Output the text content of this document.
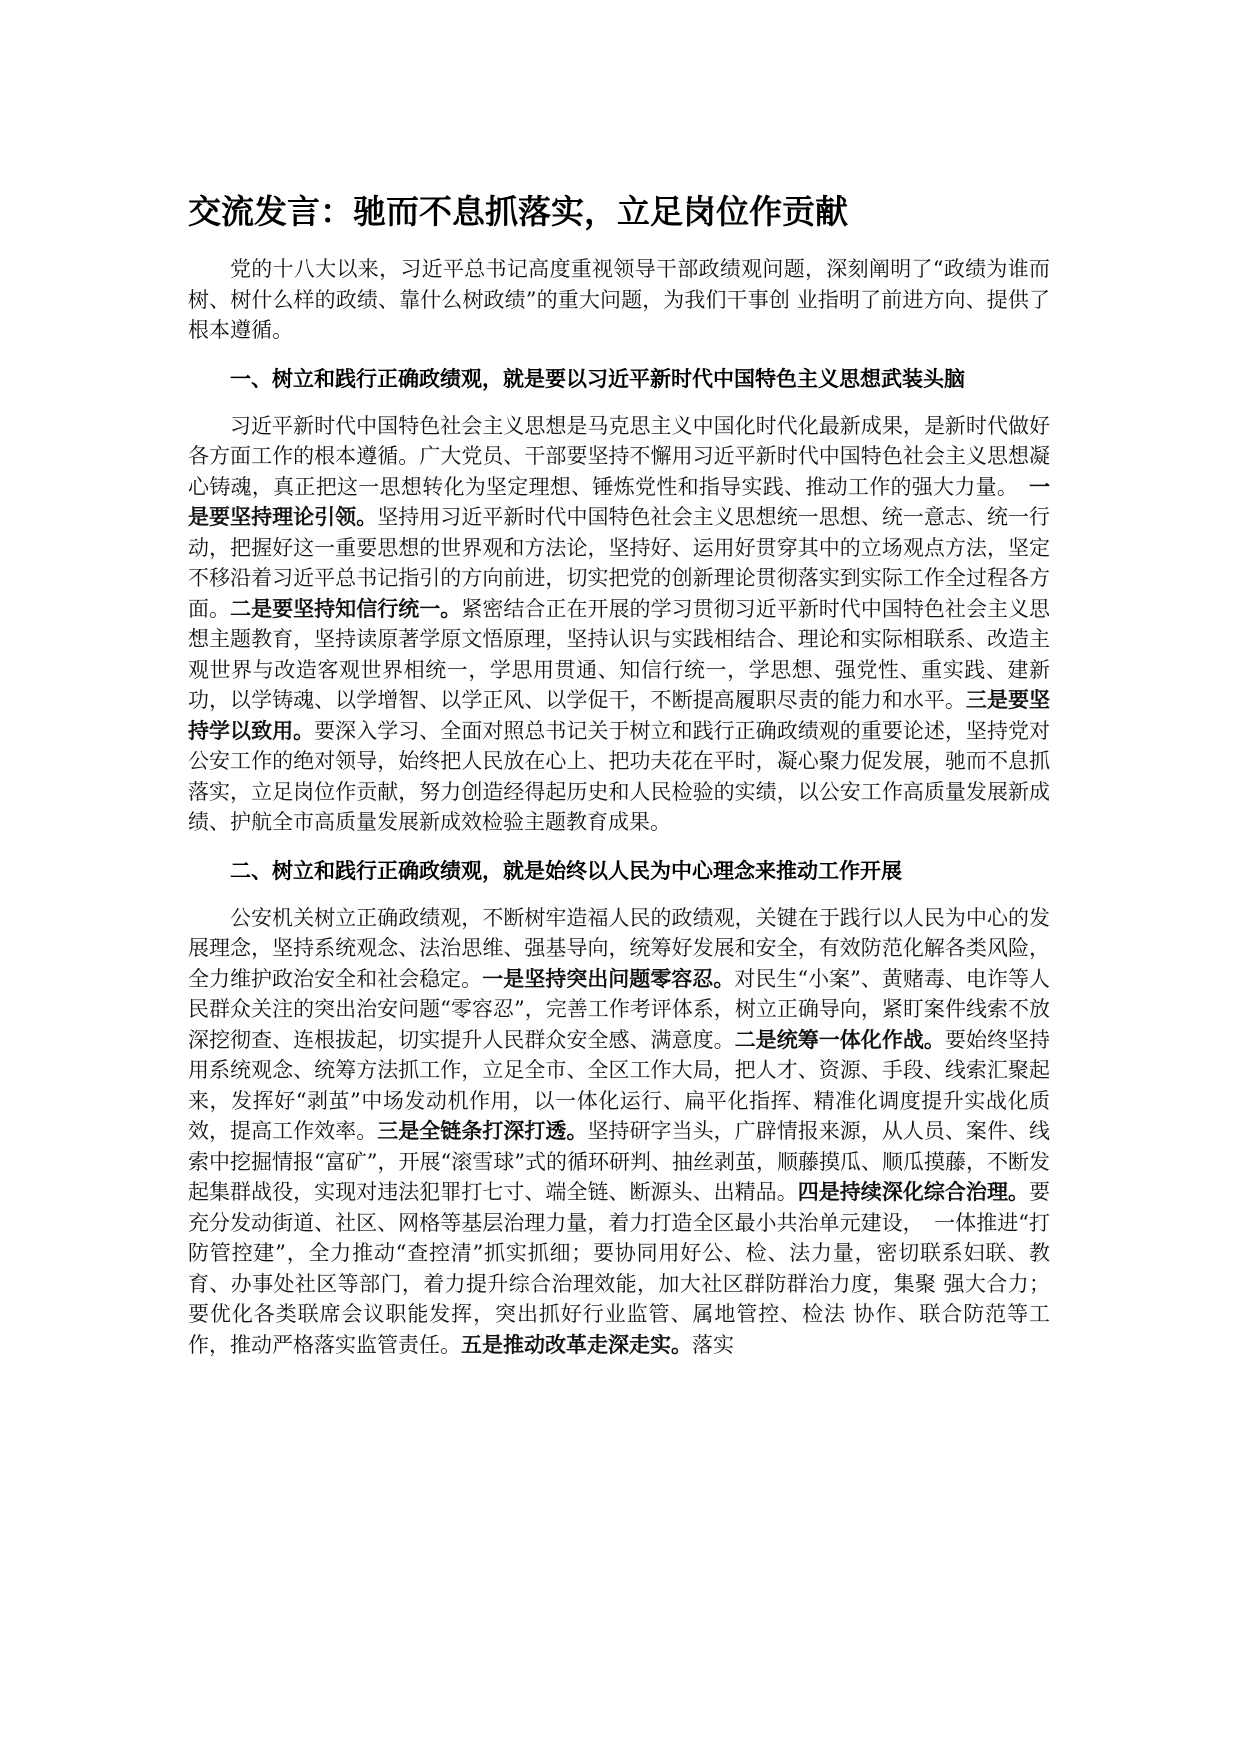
交流发言：驰而不息抓落实，立足岗位作贡献

党的十八大以来，习近平总书记高度重视领导干部政绩观问题，深刻阐明了“政绩为谁而树、树什么样的政绩、靠什么树政绩”的重大问题，为我们干事创 业指明了前进方向、提供了根本遵循。

一、树立和践行正确政绩观，就是要以习近平新时代中国特色主义思想武装头脑

习近平新时代中国特色社会主义思想是马克思主义中国化时代化最新成果，是新时代做好各方面工作的根本遵循。广大党员、干部要坚持不懈用习近平新时代中国特色社会主义思想凝心铸魂，真正把这一思想转化为坚定理想、锤炼党性和指导实践、推动工作的强大力量。　 一是要坚持理论引领。坚持用习近平新时代中国特色社会主义思想统一思想、统一意志、统一行动，把握好这一重要思想的世界观和方法论，坚持好、运用好贯穿其中的立场观点方法，坚定不移沿着习近平总书记指引的方向前进，切实把党的创新理论贯彻落实到实际工作全过程各方面。二是要坚持知信行统一。紧密结合正在开展的学习贯彻习近平新时代中国特色社会主义思想主题教育，坚持读原著学原文悟原理，坚持认识与实践相结合、理论和实际相联系、改造主观世界与改造客观世界相统一，学思用贯通、知信行统一，学思想、强党性、重实践、建新功，以学铸魂、以学增智、以学正风、以学促干，不断提高履职尽责的能力和水平。三是要坚持学以致用。要深入学习、全面对照总书记关于树立和践行正确政绩观的重要论述，坚持党对公安工作的绝对领导，始终把人民放在心上、把功夫花在平时，凝心聚力促发展，驰而不息抓落实，立足岗位作贡献，努力创造经得起历史和人民检验的实绩，以公安工作高质量发展新成绩、护航全市高质量发展新成效检验主题教育成果。

二、树立和践行正确政绩观，就是始终以人民为中心理念来推动工作开展

公安机关树立正确政绩观，不断树牢造福人民的政绩观，关键在于践行以人民为中心的发展理念，坚持系统观念、法治思维、强基导向，统筹好发展和安全，有效防范化解各类风险，全力维护政治安全和社会稳定。一是坚持突出问题零容忍。对民生“小案”、黄赌毒、电诈等人民群众关注的突出治安问题“零容忍”，完善工作考评体系，树立正确导向，紧盯案件线索不放深挖彻查、连根拔起，切实提升人民群众安全感、满意度。二是统筹一体化作战。要始终坚持用系统观念、统筹方法抓工作，立足全市、全区工作大局，把人才、资源、手段、线索汇聚起来，发挥好“剥茧”中场发动机作用，以一体化运行、扁平化指挥、精准化调度提升实战化质效，提高工作效率。三是全链条打深打透。坚持研字当头，广辟情报来源，从人员、案件、线索中挖掘情报“富矿”，开展“滚雪球”式的循环研判、抽丝剥茧，顺藤摸瓜、顺瓜摸藤，不断发起集群战役，实现对违法犯罪打七寸、端全链、断源头、出精品。四是持续深化综合治理。要充分发动街道、社区、网格等基层治理力量，着力打造全区最小共治单元建设，　一体推进“打防管控建”，全力推动“查控清”抓实抓细；要协同用好公、检、法力量，密切联系妇联、教 育、办事处社区等部门，着力提升综合治理效能，加大社区群防群治力度，集聚 强大合力；要优化各类联席会议职能发挥，突出抓好行业监管、属地管控、检法 协作、联合防范等工作，推动严格落实监管责任。五是推动改革走深走实。落实
